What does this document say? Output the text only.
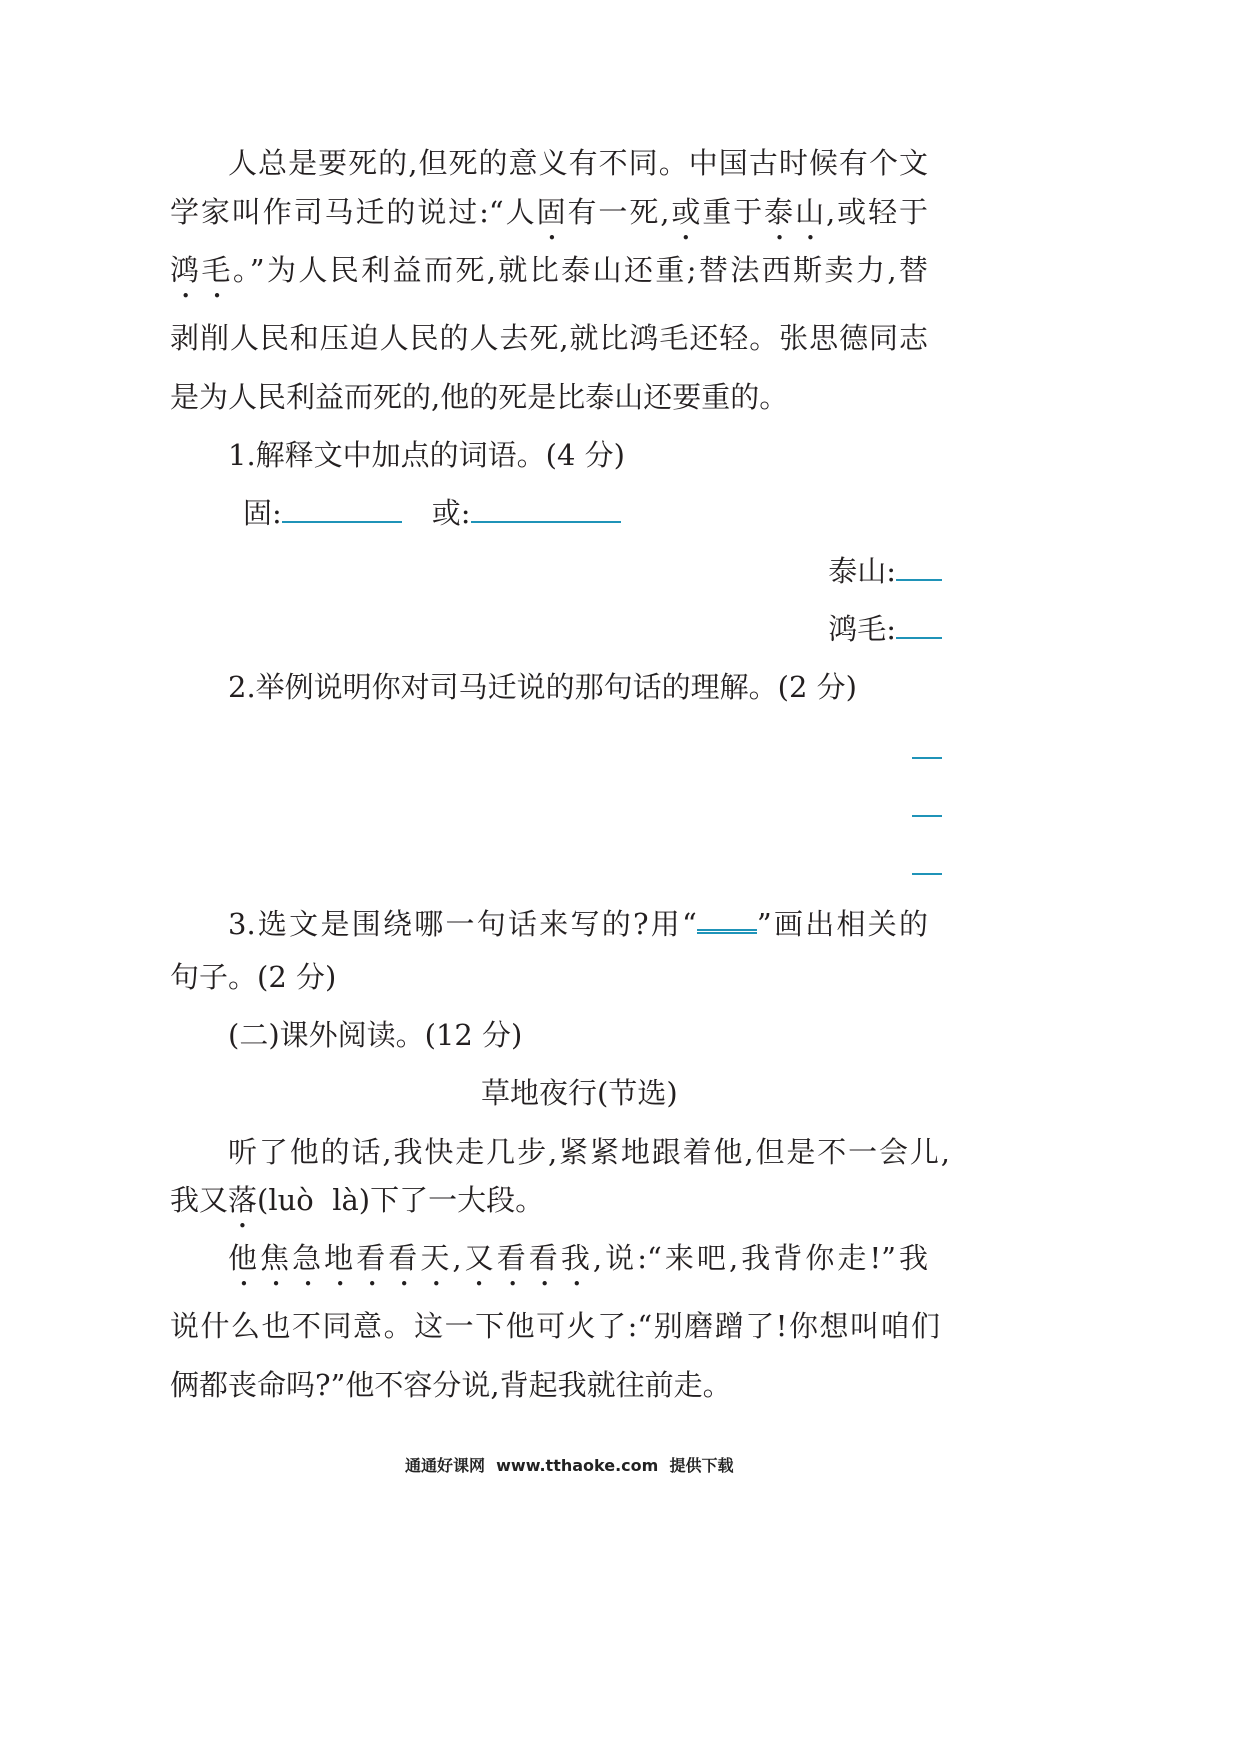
人总是要死的,但死的意义有不同。中国古时候有个文
学家叫作司马迁的说过:“人固有一死,或重于泰山,或轻于
鸿毛。”为人民利益而死,就比泰山还重;替法西斯卖力,替
剥削人民和压迫人民的人去死,就比鸿毛还轻。张思德同志
是为人民利益而死的,他的死是比泰山还要重的。
1.解释文中加点的词语。(4 分)
固:	或:
泰山:
鸿毛:
2.举例说明你对司马迁说的那句话的理解。(2 分)
3.选文是围绕哪一句话来写的?用“ ”画出相关的
句子。(2 分)
(二)课外阅读。(12 分)
草地夜行(节选)
听了他的话,我快走几步,紧紧地跟着他,但是不一会儿,
我又落(luò  là)下了一大段。
他焦急地看看天,又看看我,说:“来吧,我背你走!”我
说什么也不同意。这一下他可火了:“别磨蹭了!你想叫咱们
俩都丧命吗?”他不容分说,背起我就往前走。
通通好课网  www.tthaoke.com  提供下载
